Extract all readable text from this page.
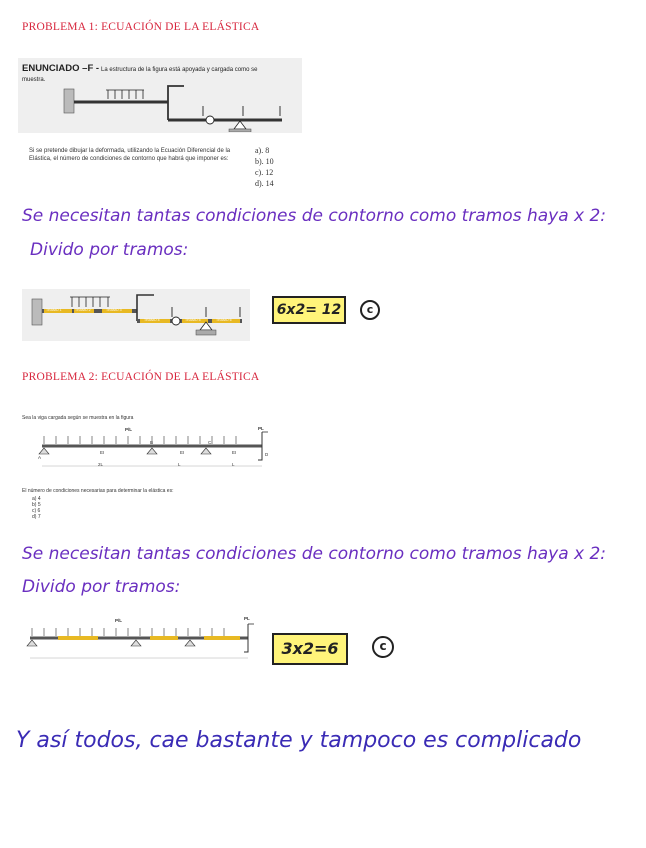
PROBLEMA 1: ECUACIÓN DE LA ELÁSTICA
ENUNCIADO –F - La estructura de la figura está apoyada y cargada como se
muestra.
Si se pretende dibujar la deformada, utilizando la Ecuación Diferencial de la
Elástica, el número de condiciones de contorno que habrá que imponer es:
a). 8
b). 10
c). 12
d). 14
Se necesitan tantas condiciones de contorno como tramos haya x 2:
Divido por tramos:
TRAMO 1	TRAMO 2	TRAMO 3
TRAMO 4	TRAMO 5	TRAMO 6
6x2= 12	c
PROBLEMA 2: ECUACIÓN DE LA ELÁSTICA
Sea la viga cargada según se muestra en la figura
P/L	PL
A
B	C
D
EI	EI	EI
2L	L	L
El número de condiciones necesarias para determinar la elástica es:
a) 4
b) 5
c) 6
d) 7
Se necesitan tantas condiciones de contorno como tramos haya x 2:
Divido por tramos:
P/L	PL
3x2=6	c
Y así todos, cae bastante y tampoco es complicado
